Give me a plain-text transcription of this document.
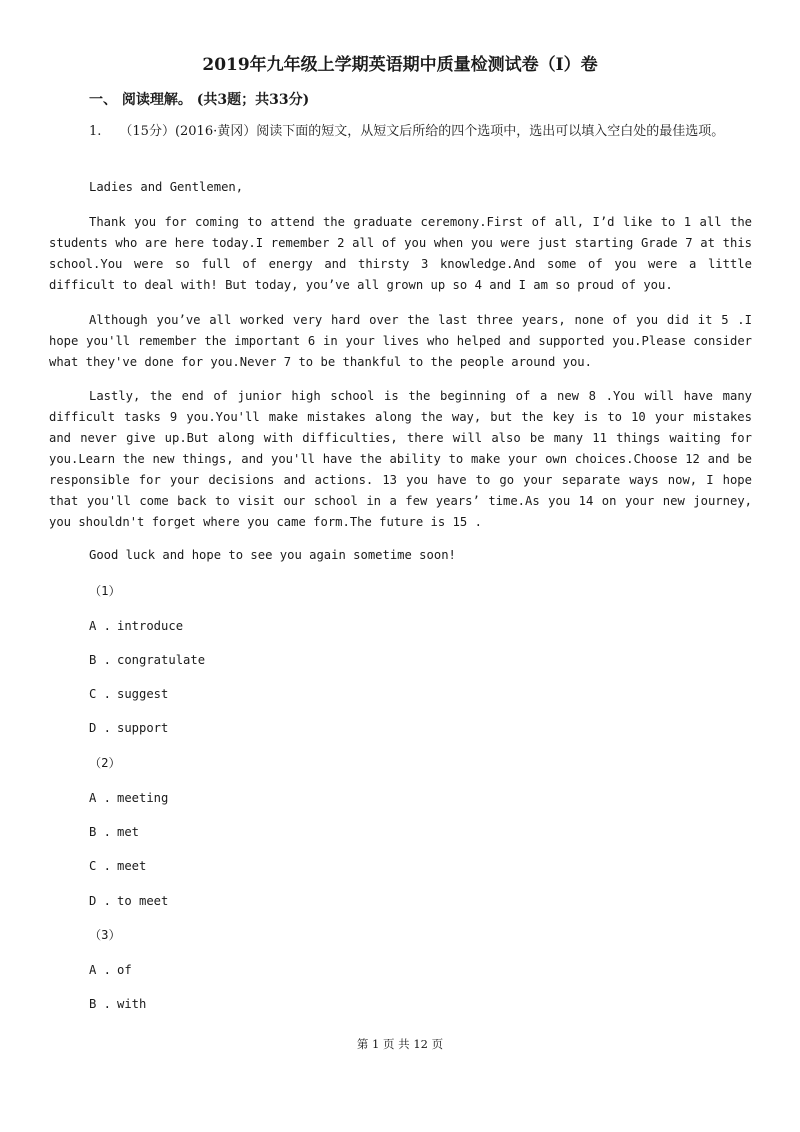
2019年九年级上学期英语期中质量检测试卷（I）卷
一、 阅读理解。 (共3题；共33分)

1. （15分）(2016·黄冈）阅读下面的短文，从短文后所给的四个选项中，选出可以填入空白处的最佳选项。

Ladies and Gentlemen,

Thank you for coming to attend the graduate ceremony.First of all, I’d like to 1 all the students who are here today.I remember 2 all of you when you were just starting Grade 7 at this school.You were so full of energy and thirsty 3 knowledge.And some of you were a little difficult to deal with! But today, you’ve all grown up so 4 and I am so proud of you.

Although you’ve all worked very hard over the last three years, none of you did it 5 .I hope you'll remember the important 6 in your lives who helped and supported you.Please consider what they've done for you.Never 7 to be thankful to the people around you.

Lastly, the end of junior high school is the beginning of a new 8 .You will have many difficult tasks 9 you.You'll make mistakes along the way, but the key is to 10 your mistakes and never give up.But along with difficulties, there will also be many 11 things waiting for you.Learn the new things, and you'll have the ability to make your own choices.Choose 12 and be responsible for your decisions and actions. 13 you have to go your separate ways now, I hope that you'll come back to visit our school in a few years’ time.As you 14 on your new journey, you shouldn't forget where you came form.The future is 15 .

Good luck and hope to see you again sometime soon!

（1）

A . introduce

B . congratulate

C . suggest

D . support

（2）

A . meeting

B . met

C . meet

D . to meet

（3）

A . of

B . with

第 1 页 共 12 页
